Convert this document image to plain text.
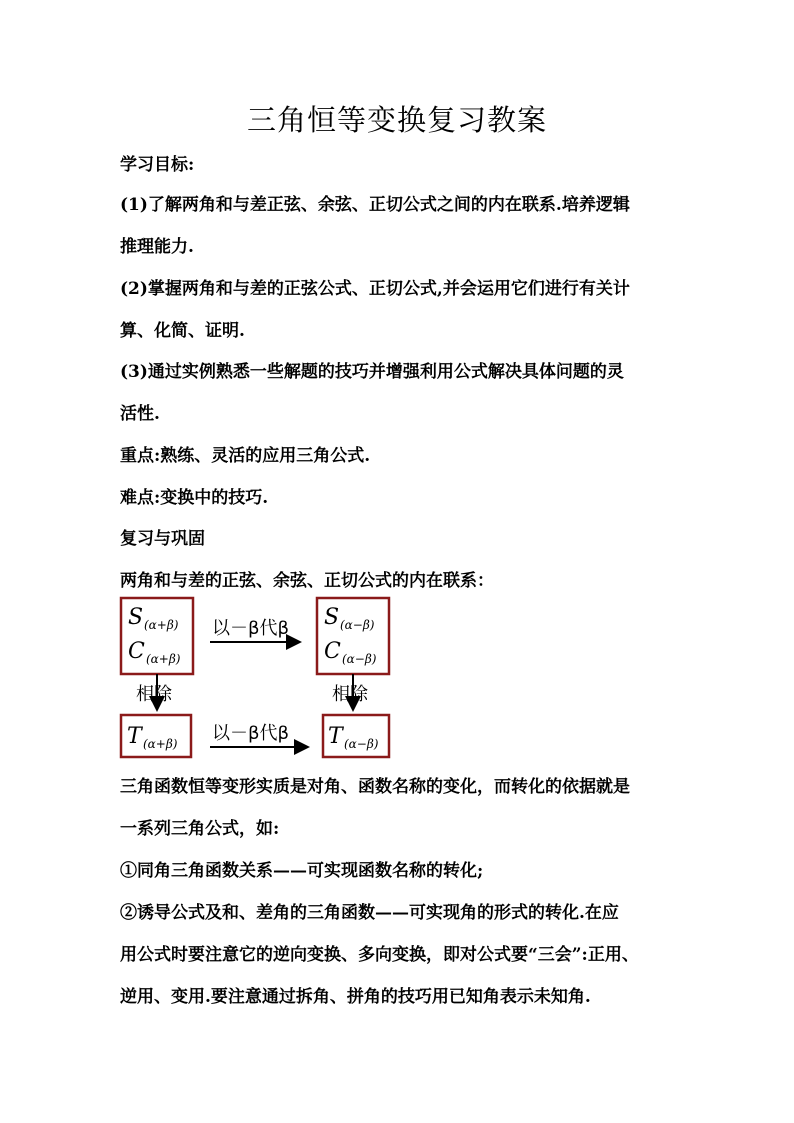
三角恒等变换复习教案
学习目标:
(1)了解两角和与差正弦、余弦、正切公式之间的内在联系.培养逻辑
推理能力.
(2)掌握两角和与差的正弦公式、正切公式,并会运用它们进行有关计
算、化简、证明.
(3)通过实例熟悉一些解题的技巧并增强利用公式解决具体问题的灵
活性.
重点:熟练、灵活的应用三角公式.
难点:变换中的技巧.
复习与巩固
两角和与差的正弦、余弦、正切公式的内在联系：
S (α+β)
C (α+β)
S (α−β)
C (α−β)
以－β代β
相除	相除
T (α+β)	T (α−β)
以－β代β
三角函数恒等变形实质是对角、函数名称的变化，而转化的依据就是
一系列三角公式，如:
①同角三角函数关系——可实现函数名称的转化;
②诱导公式及和、差角的三角函数——可实现角的形式的转化.在应
用公式时要注意它的逆向变换、多向变换，即对公式要“三会”:正用、
逆用、变用.要注意通过拆角、拼角的技巧用已知角表示未知角.
